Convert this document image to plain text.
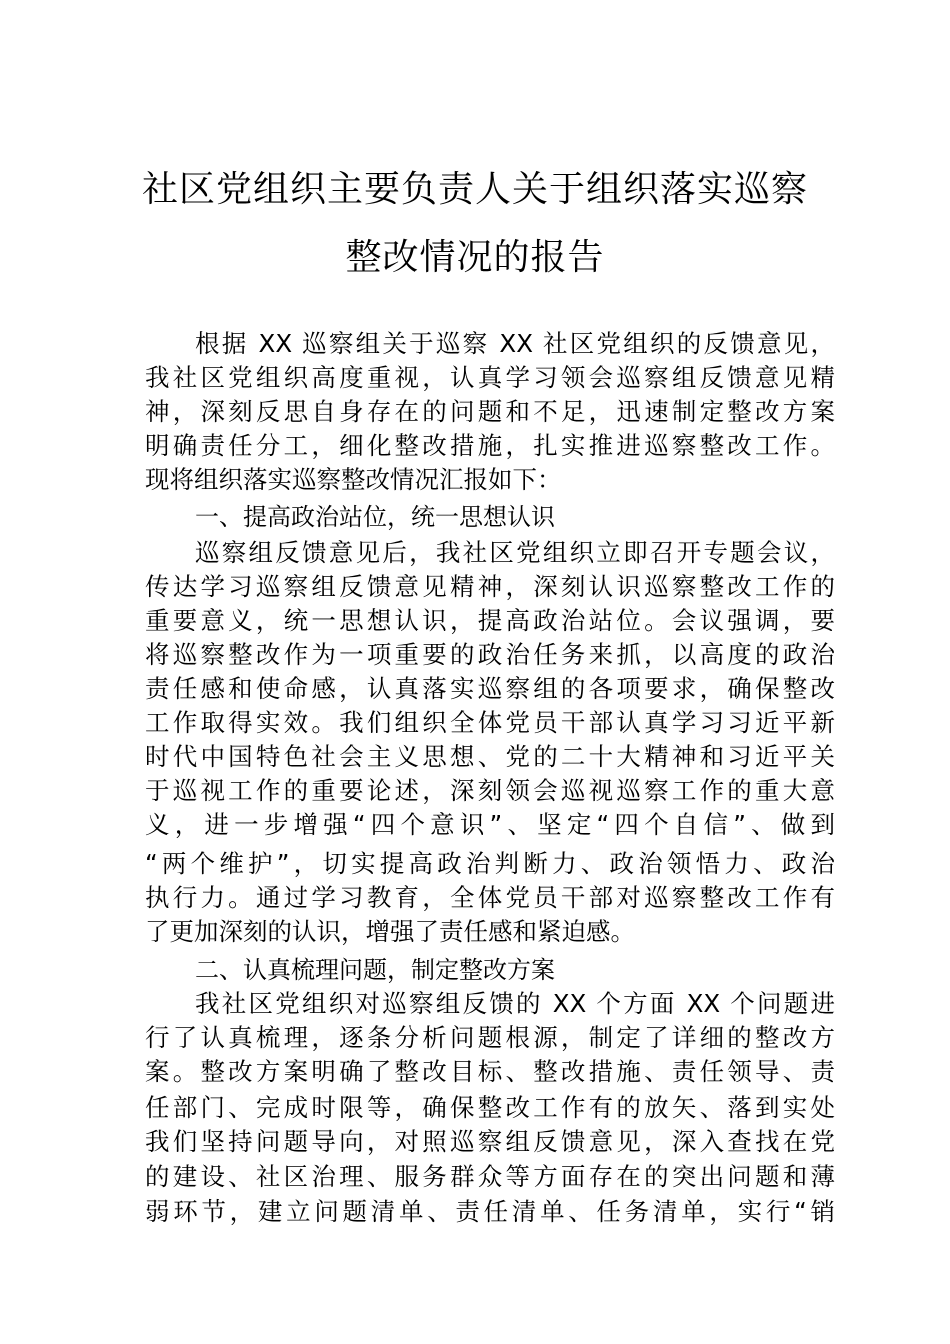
社区党组织主要负责人关于组织落实巡察
整改情况的报告
根据 XX 巡察组关于巡察 XX 社区党组织的反馈意见，
我社区党组织高度重视，认真学习领会巡察组反馈意见精
神，深刻反思自身存在的问题和不足，迅速制定整改方案
明确责任分工，细化整改措施，扎实推进巡察整改工作。
现将组织落实巡察整改情况汇报如下：
一、提高政治站位，统一思想认识
巡察组反馈意见后，我社区党组织立即召开专题会议，
传达学习巡察组反馈意见精神，深刻认识巡察整改工作的
重要意义，统一思想认识，提高政治站位。会议强调，要
将巡察整改作为一项重要的政治任务来抓，以高度的政治
责任感和使命感，认真落实巡察组的各项要求，确保整改
工作取得实效。我们组织全体党员干部认真学习习近平新
时代中国特色社会主义思想、党的二十大精神和习近平关
于巡视工作的重要论述，深刻领会巡视巡察工作的重大意
义，进一步增强“四个意识”、坚定“四个自信”、做到
“两个维护”，切实提高政治判断力、政治领悟力、政治
执行力。通过学习教育，全体党员干部对巡察整改工作有
了更加深刻的认识，增强了责任感和紧迫感。
二、认真梳理问题，制定整改方案
我社区党组织对巡察组反馈的 XX 个方面 XX 个问题进
行了认真梳理，逐条分析问题根源，制定了详细的整改方
案。整改方案明确了整改目标、整改措施、责任领导、责
任部门、完成时限等，确保整改工作有的放矢、落到实处
我们坚持问题导向，对照巡察组反馈意见，深入查找在党
的建设、社区治理、服务群众等方面存在的突出问题和薄
弱环节，建立问题清单、责任清单、任务清单，实行“销
